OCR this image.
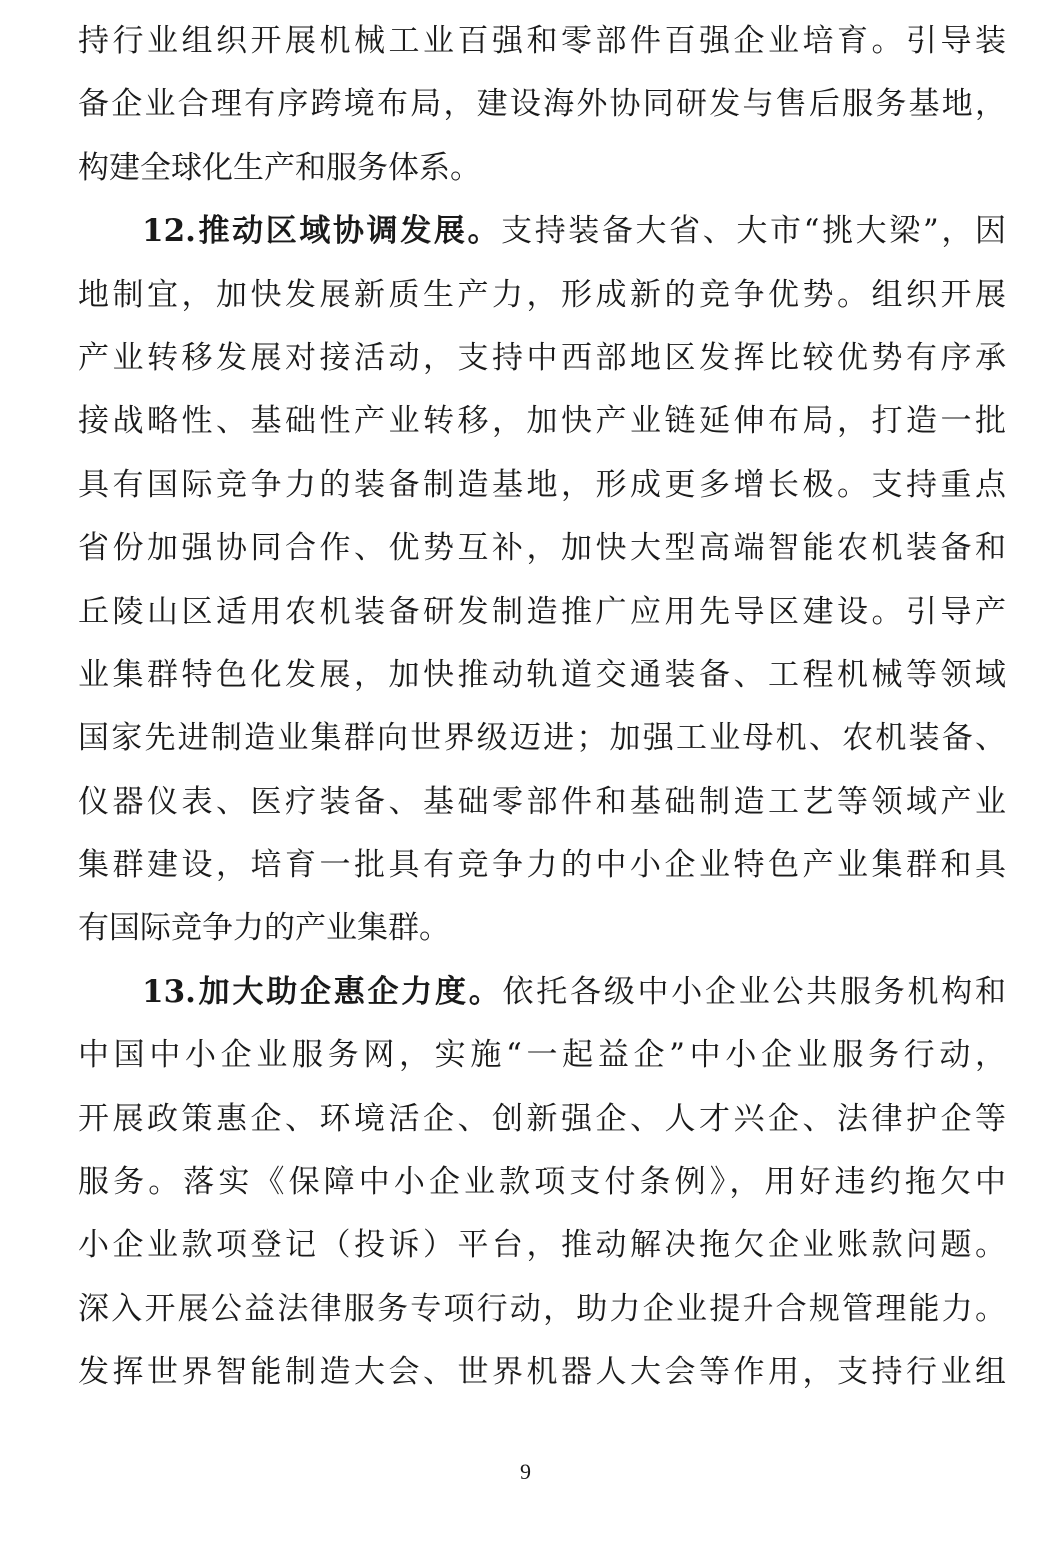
持行业组织开展机械工业百强和零部件百强企业培育。引导装
备企业合理有序跨境布局，建设海外协同研发与售后服务基地，
构建全球化生产和服务体系。
12.推动区域协调发展。支持装备大省、大市“挑大梁”，因
地制宜，加快发展新质生产力，形成新的竞争优势。组织开展
产业转移发展对接活动，支持中西部地区发挥比较优势有序承
接战略性、基础性产业转移，加快产业链延伸布局，打造一批
具有国际竞争力的装备制造基地，形成更多增长极。支持重点
省份加强协同合作、优势互补，加快大型高端智能农机装备和
丘陵山区适用农机装备研发制造推广应用先导区建设。引导产
业集群特色化发展，加快推动轨道交通装备、工程机械等领域
国家先进制造业集群向世界级迈进；加强工业母机、农机装备、
仪器仪表、医疗装备、基础零部件和基础制造工艺等领域产业
集群建设，培育一批具有竞争力的中小企业特色产业集群和具
有国际竞争力的产业集群。
13.加大助企惠企力度。依托各级中小企业公共服务机构和
中国中小企业服务网，实施“一起益企”中小企业服务行动，
开展政策惠企、环境活企、创新强企、人才兴企、法律护企等
服务。落实《保障中小企业款项支付条例》，用好违约拖欠中
小企业款项登记（投诉）平台，推动解决拖欠企业账款问题。
深入开展公益法律服务专项行动，助力企业提升合规管理能力。
发挥世界智能制造大会、世界机器人大会等作用，支持行业组
9
